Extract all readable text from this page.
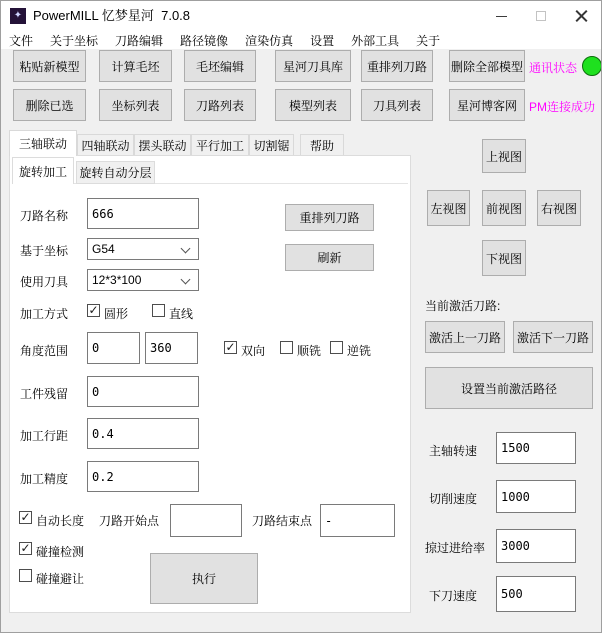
✦ PowerMILL 忆梦星河  7.0.8
文件 关于坐标 刀路编辑 路径镜像 渲染仿真 设置 外部工具 关于
粘贴新模型	计算毛坯	毛坯编辑	星河刀具库	重排列刀路	删除全部模型 通讯状态
删除已选	坐标列表	刀路列表	模型列表	刀具列表	星河博客网	PM连接成功
三轴联动	四轴联动 摆头联动 平行加工 切割锯	帮助
旋转加工	旋转自动分层
刀路名称
666
基于坐标 G54
使用刀具 12*3*100
重排列刀路
刷新
加工方式 ✓	圆形	直线
角度范围
0
360 ✓	双向	顺铣 逆铣
工件残留
0
加工行距
0.4
加工精度
0.2
✓
自动长度 刀路开始点	刀路结束点
-
✓
碰撞检测
碰撞避让	执行
上视图
左视图	前视图	右视图
下视图
当前激活刀路:
激活上一刀路	激活下一刀路
设置当前激活路径
主轴转速
1500
切削速度
1000
掠过进给率
3000
下刀速度
500
